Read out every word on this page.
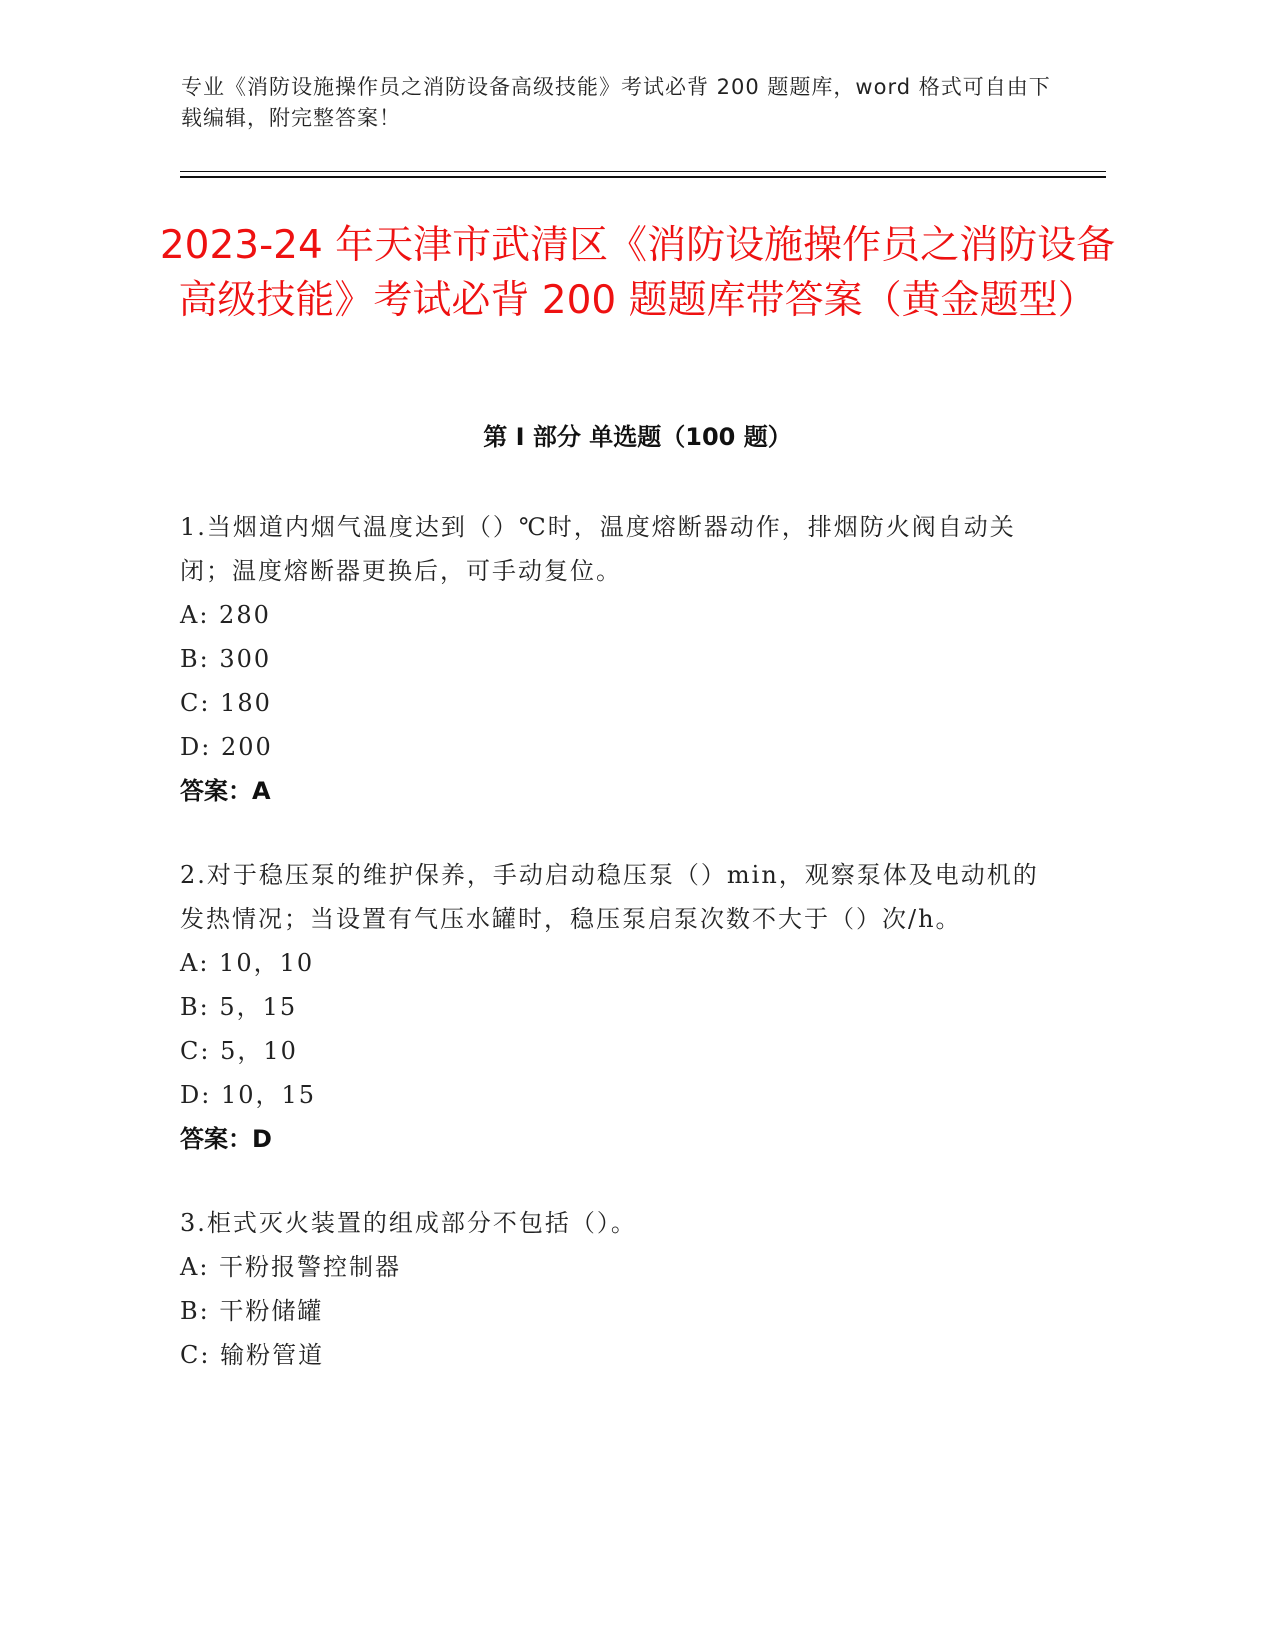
专业《消防设施操作员之消防设备高级技能》考试必背 200 题题库，word 格式可自由下载编辑，附完整答案！
2023-24 年天津市武清区《消防设施操作员之消防设备高级技能》考试必背 200 题题库带答案（黄金题型）
第 I 部分 单选题（100 题）
1.当烟道内烟气温度达到（）℃时，温度熔断器动作，排烟防火阀自动关闭；温度熔断器更换后，可手动复位。
A: 280
B: 300
C: 180
D: 200
答案：A
2.对于稳压泵的维护保养，手动启动稳压泵（）min，观察泵体及电动机的发热情况；当设置有气压水罐时，稳压泵启泵次数不大于（）次/h。
A: 10，10
B: 5，15
C: 5，10
D: 10，15
答案：D
3.柜式灭火装置的组成部分不包括（）。
A: 干粉报警控制器
B: 干粉储罐
C: 输粉管道
